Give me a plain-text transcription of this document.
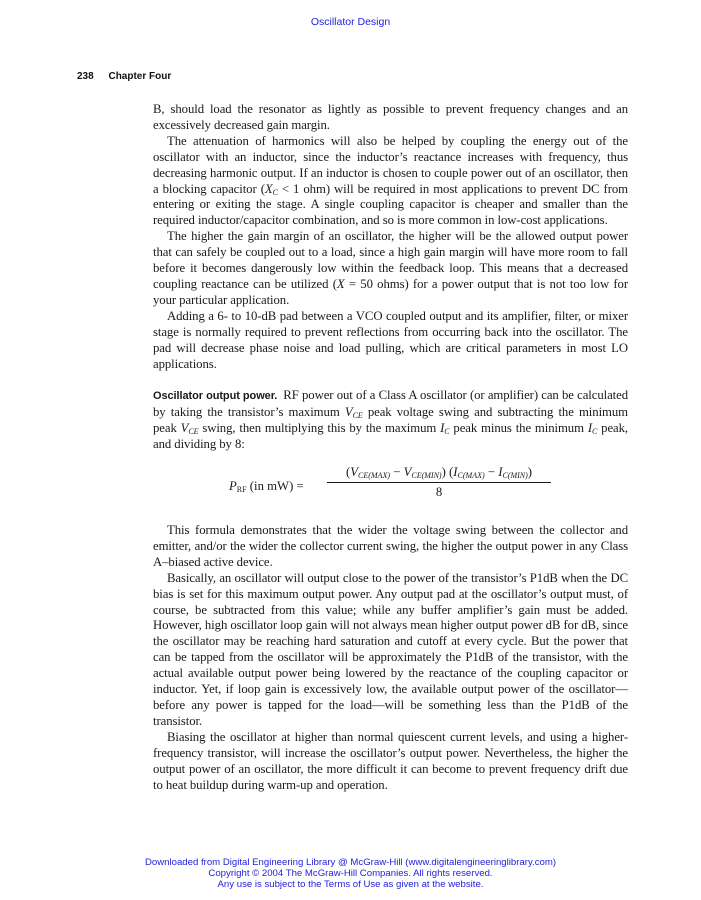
Oscillator Design
238 Chapter Four

B, should load the resonator as lightly as possible to prevent frequency changes and an excessively decreased gain margin.

The attenuation of harmonics will also be helped by coupling the energy out of the oscillator with an inductor, since the inductor’s reactance increases with frequency, thus decreasing harmonic output. If an inductor is chosen to couple power out of an oscillator, then a blocking capacitor ($X_C < 1$ ohm) will be required in most applications to prevent DC from entering or exiting the stage. A single coupling capacitor is cheaper and smaller than the required inductor/capacitor combination, and so is more common in low-cost applications.

The higher the gain margin of an oscillator, the higher will be the allowed output power that can safely be coupled out to a load, since a high gain margin will have more room to fall before it becomes dangerously low within the feedback loop. This means that a decreased coupling reactance can be utilized (X = 50 ohms) for a power output that is not too low for your particular application.

Adding a 6- to 10-dB pad between a VCO coupled output and its amplifier, filter, or mixer stage is normally required to prevent reflections from occurring back into the oscillator. The pad will decrease phase noise and load pulling, which are critical parameters in most LO applications.

Oscillator output power. RF power out of a Class A oscillator (or amplifier) can be calculated by taking the transistor’s maximum $V_{CE}$ peak voltage swing and subtracting the minimum peak $V_{CE}$ swing, then multiplying this by the maximum $I_C$ peak minus the minimum $I_C$ peak, and dividing by 8:

$P_{RF}$ (in mW) =
$(V_{CE(MAX)} - V_{CE(MIN)}) (I_{C(MAX)} - I_{C(MIN)})$
8

This formula demonstrates that the wider the voltage swing between the collector and emitter, and/or the wider the collector current swing, the higher the output power in any Class A–biased active device.

Basically, an oscillator will output close to the power of the transistor’s P1dB when the DC bias is set for this maximum output power. Any output pad at the oscillator’s output must, of course, be subtracted from this value; while any buffer amplifier’s gain must be added. However, high oscillator loop gain will not always mean higher output power dB for dB, since the oscillator may be reaching hard saturation and cutoff at every cycle. But the power that can be tapped from the oscillator will be approximately the P1dB of the transistor, with the actual available output power being lowered by the reactance of the coupling capacitor or inductor. Yet, if loop gain is excessively low, the available output power of the oscillator—before any power is tapped for the load—will be something less than the P1dB of the transistor.

Biasing the oscillator at higher than normal quiescent current levels, and using a higher-frequency transistor, will increase the oscillator’s output power. Nevertheless, the higher the output power of an oscillator, the more difficult it can become to prevent frequency drift due to heat buildup during warm-up and operation.

Downloaded from Digital Engineering Library @ McGraw-Hill (www.digitalengineeringlibrary.com)
Copyright © 2004 The McGraw-Hill Companies. All rights reserved.
Any use is subject to the Terms of Use as given at the website.
